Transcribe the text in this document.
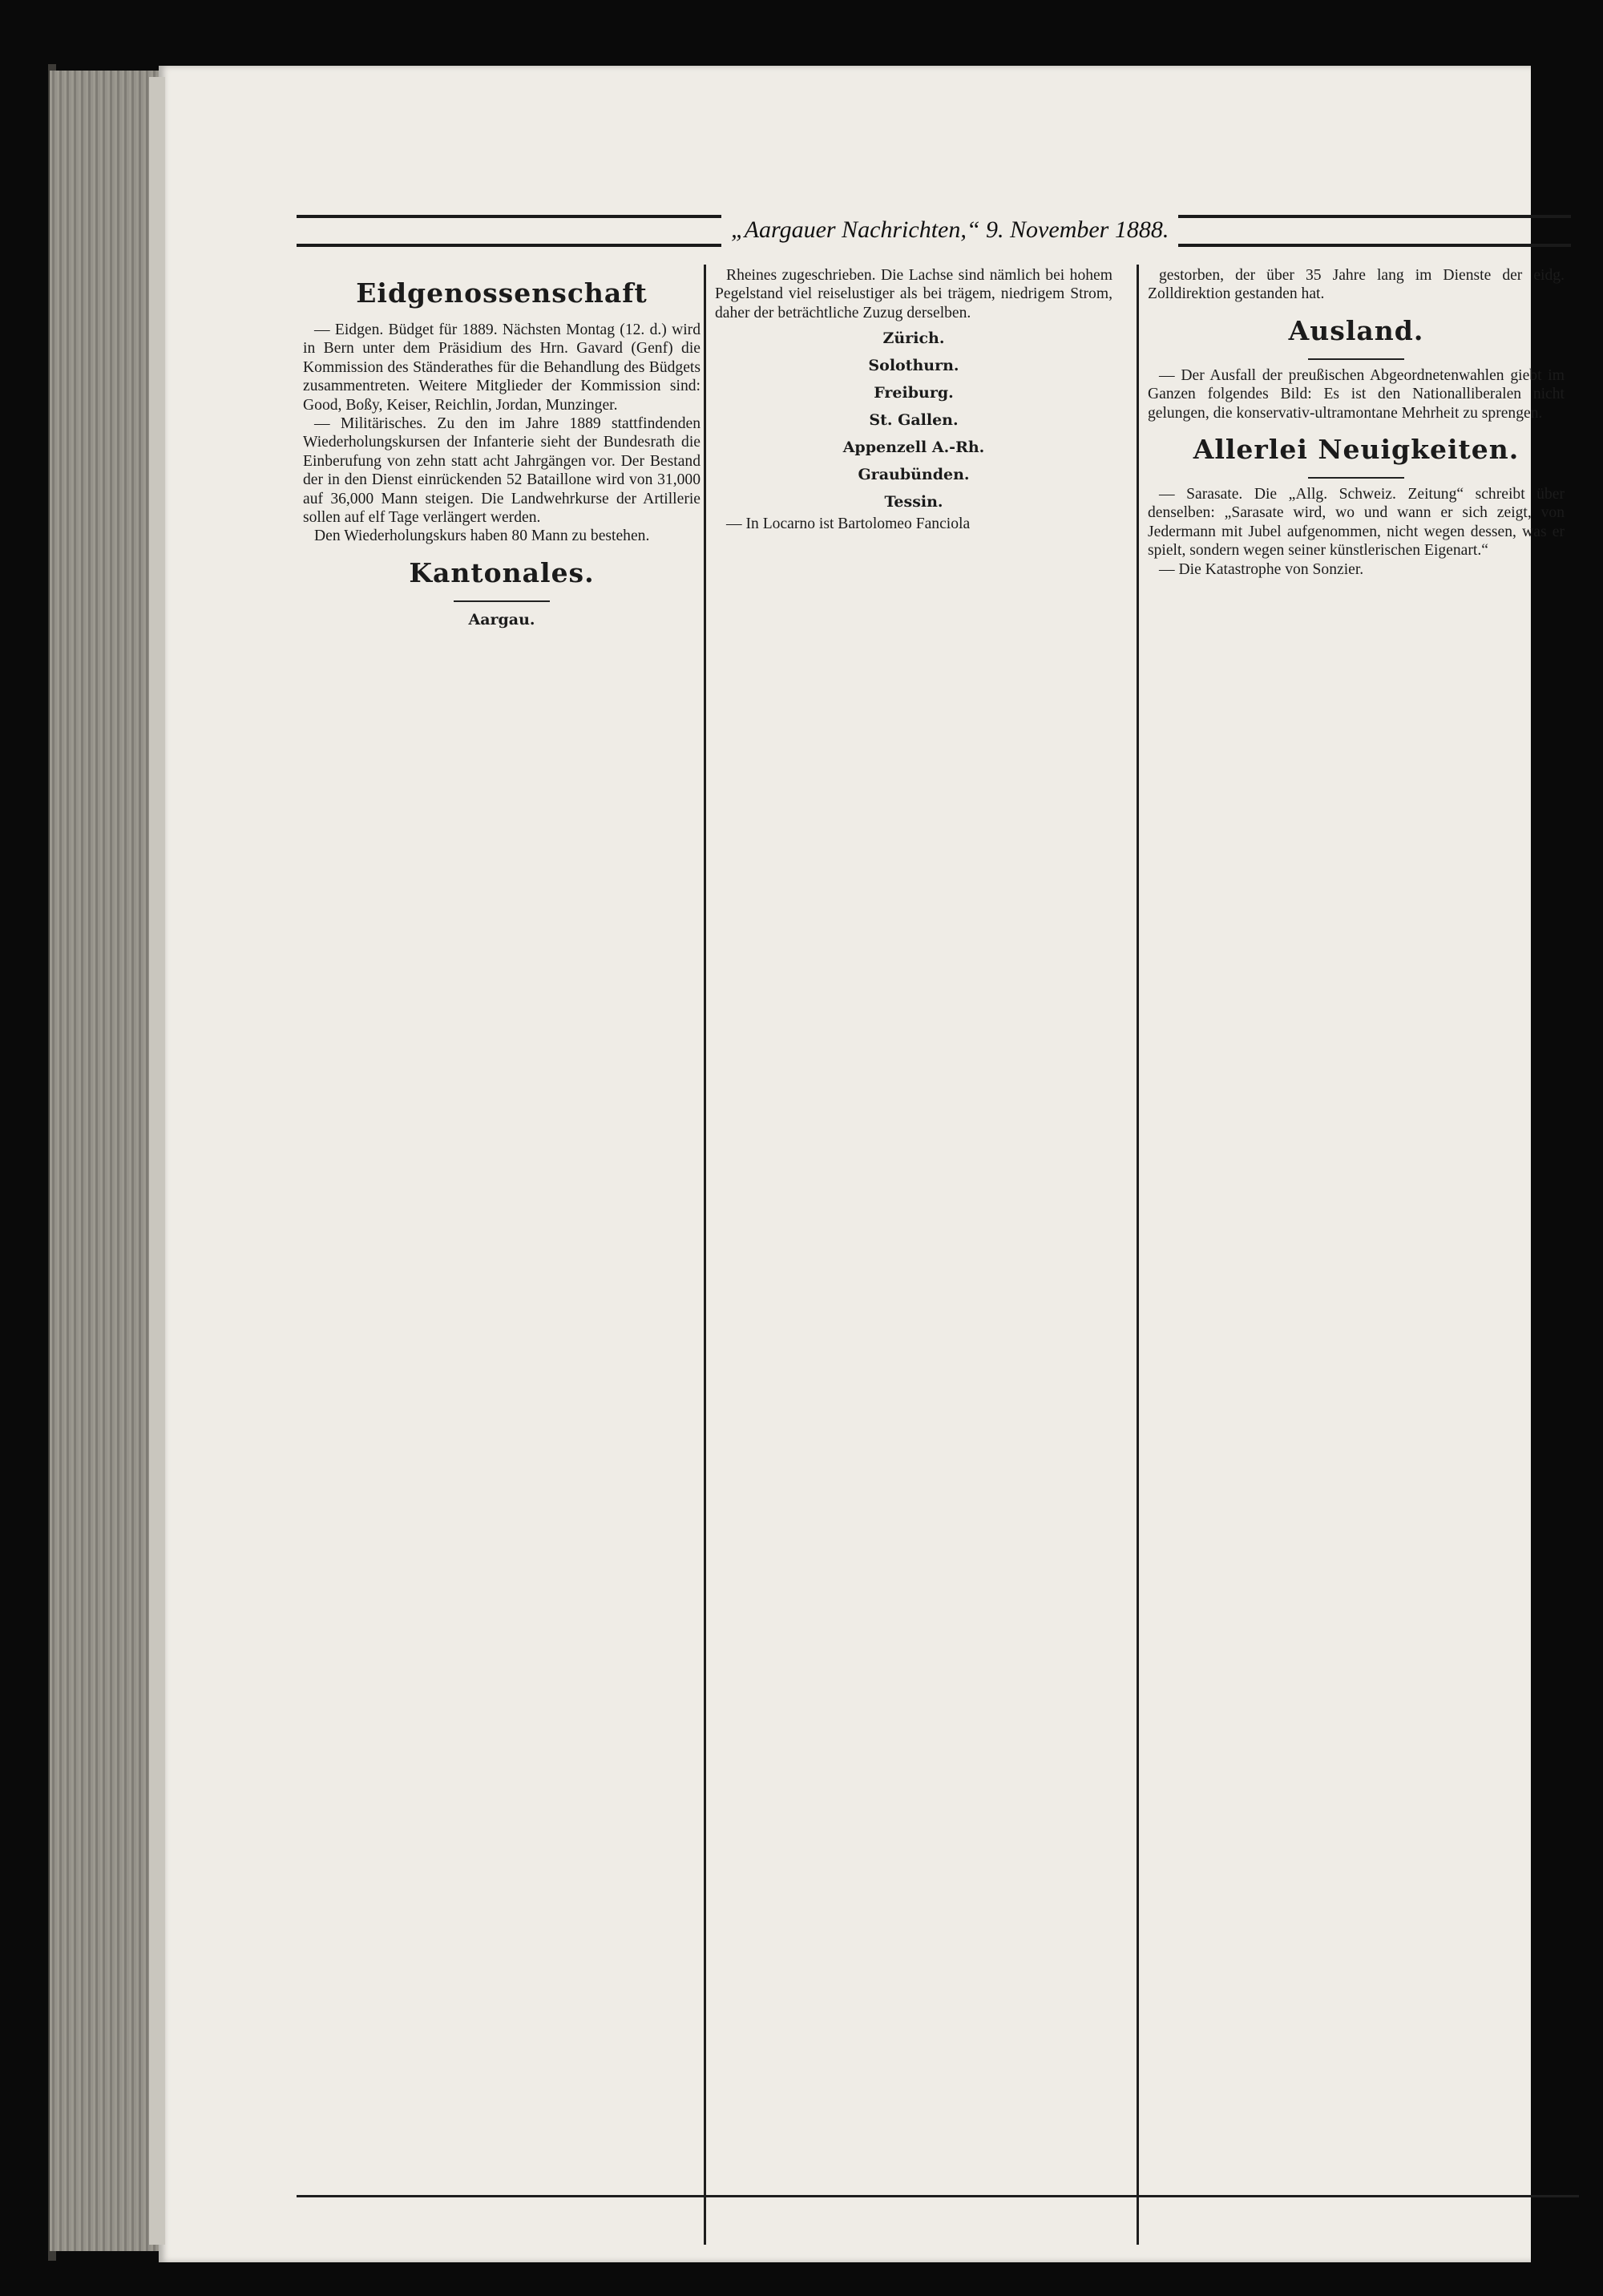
„Aargauer Nachrichten,“ 9. November 1888.
Eidgenossenschaft

— Eidgen. Büdget für 1889. Nächsten Montag (12. d.) wird in Bern unter dem Präsidium des Hrn. Gavard (Genf) die Kommission des Ständerathes für die Behandlung des Büdgets zusammentreten. Weitere Mitglieder der Kommission sind: Good, Boßy, Keiser, Reichlin, Jordan, Munzinger.

— Militärisches. Zu den im Jahre 1889 stattfindenden Wiederholungskursen der Infanterie sieht der Bundesrath die Einberufung von zehn statt acht Jahrgängen vor. Der Bestand der in den Dienst einrückenden 52 Bataillone wird von 31,000 auf 36,000 Mann steigen. Die Landwehrkurse der Artillerie sollen auf elf Tage verlängert werden.

Den Wiederholungskurs haben 80 Mann zu bestehen.

Kantonales.
Aargau.

Rheines zugeschrieben. Die Lachse sind nämlich bei hohem Pegelstand viel reiselustiger als bei trägem, niedrigem Strom, daher der beträchtliche Zuzug derselben.

Zürich.
Solothurn.
Freiburg.
St. Gallen.
Appenzell A.-Rh.
Graubünden.
Tessin.

— In Locarno ist Bartolomeo Fanciola

gestorben, der über 35 Jahre lang im Dienste der eidg. Zolldirektion gestanden hat.

Ausland.

— Der Ausfall der preußischen Abgeordnetenwahlen giebt im Ganzen folgendes Bild: Es ist den Nationalliberalen nicht gelungen, die konservativ-ultramontane Mehrheit zu sprengen.

Allerlei Neuigkeiten.

— Sarasate. Die „Allg. Schweiz. Zeitung“ schreibt über denselben: „Sarasate wird, wo und wann er sich zeigt, von Jedermann mit Jubel aufgenommen, nicht wegen dessen, was er spielt, sondern wegen seiner künstlerischen Eigenart.“

— Die Katastrophe von Sonzier.
